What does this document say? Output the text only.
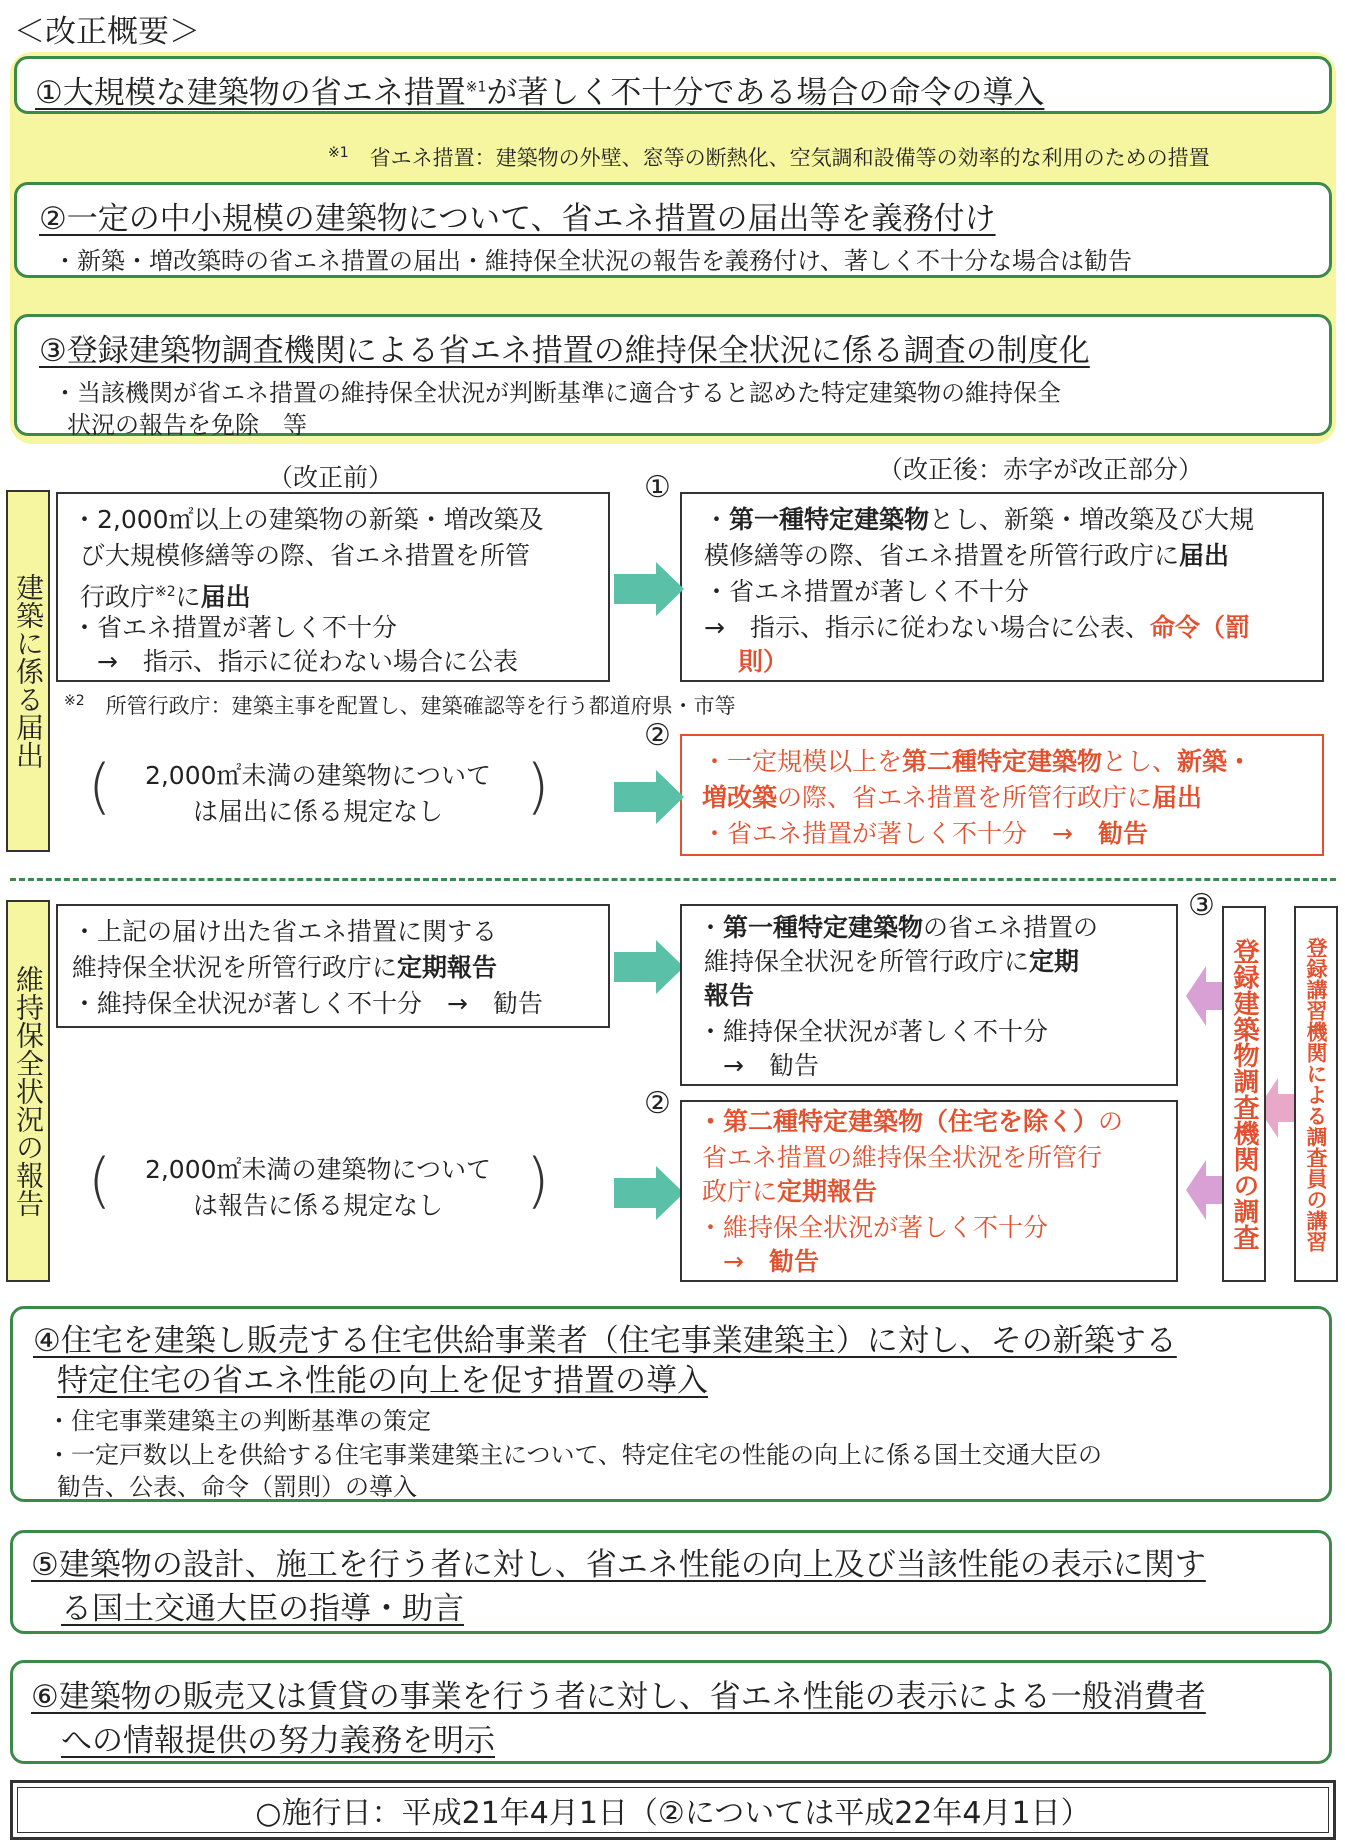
＜改正概要＞
①大規模な建築物の省エネ措置$^{※1}$が著しく不十分である場合の命令の導入
$^{※1}$　 省エネ措置：建築物の外壁、窓等の断熱化、空気調和設備等の効率的な利用のための措置
②一定の中小規模の建築物について、省エネ措置の届出等を義務付け
・新築・増改築時の省エネ措置の届出・維持保全状況の報告を義務付け、著しく不十分な場合は勧告
③登録建築物調査機関による省エネ措置の維持保全状況に係る調査の制度化
・当該機関が省エネ措置の維持保全状況が判断基準に適合すると認めた特定建築物の維持保全
状況の報告を免除　等
（改正前）	（改正後：赤字が改正部分）
建築に係る届出
維持保全状況の報告
①
②
②
③
・2,000㎡以上の建築物の新築・増改築及
び大規模修繕等の際、省エネ措置を所管
行政庁$^{※2}$に届出
・省エネ措置が著しく不十分
　→　指示、指示に従わない場合に公表
$^{※2}$　 所管行政庁：建築主事を配置し、建築確認等を行う都道府県・市等
・第一種特定建築物とし、新築・増改築及び大規
模修繕等の際、省エネ措置を所管行政庁に届出
・省エネ措置が著しく不十分
→　指示、指示に従わない場合に公表、命令（罰
則）
(	2,000㎡未満の建築物について
は届出に係る規定なし	)	・一定規模以上を第二種特定建築物とし、新築・
増改築の際、省エネ措置を所管行政庁に届出
・省エネ措置が著しく不十分　→　勧告
・上記の届け出た省エネ措置に関する
維持保全状況を所管行政庁に定期報告
・維持保全状況が著しく不十分　→　勧告
・第一種特定建築物の省エネ措置の
維持保全状況を所管行政庁に定期
報告
・維持保全状況が著しく不十分
　→　勧告
(	2,000㎡未満の建築物について
は報告に係る規定なし	)
・第二種特定建築物（住宅を除く）の
省エネ措置の維持保全状況を所管行
政庁に定期報告
・維持保全状況が著しく不十分
　→　勧告
登録建築物調査機関の調査	登録講習機関による調査員の講習
④住宅を建築し販売する住宅供給事業者（住宅事業建築主）に対し、その新築する
特定住宅の省エネ性能の向上を促す措置の導入
・住宅事業建築主の判断基準の策定
・一定戸数以上を供給する住宅事業建築主について、特定住宅の性能の向上に係る国土交通大臣の
勧告、公表、命令（罰則）の導入
⑤建築物の設計、施工を行う者に対し、省エネ性能の向上及び当該性能の表示に関す
る国土交通大臣の指導・助言
⑥建築物の販売又は賃貸の事業を行う者に対し、省エネ性能の表示による一般消費者
への情報提供の努力義務を明示
○施行日：平成21年4月1日（②については平成22年4月1日）
